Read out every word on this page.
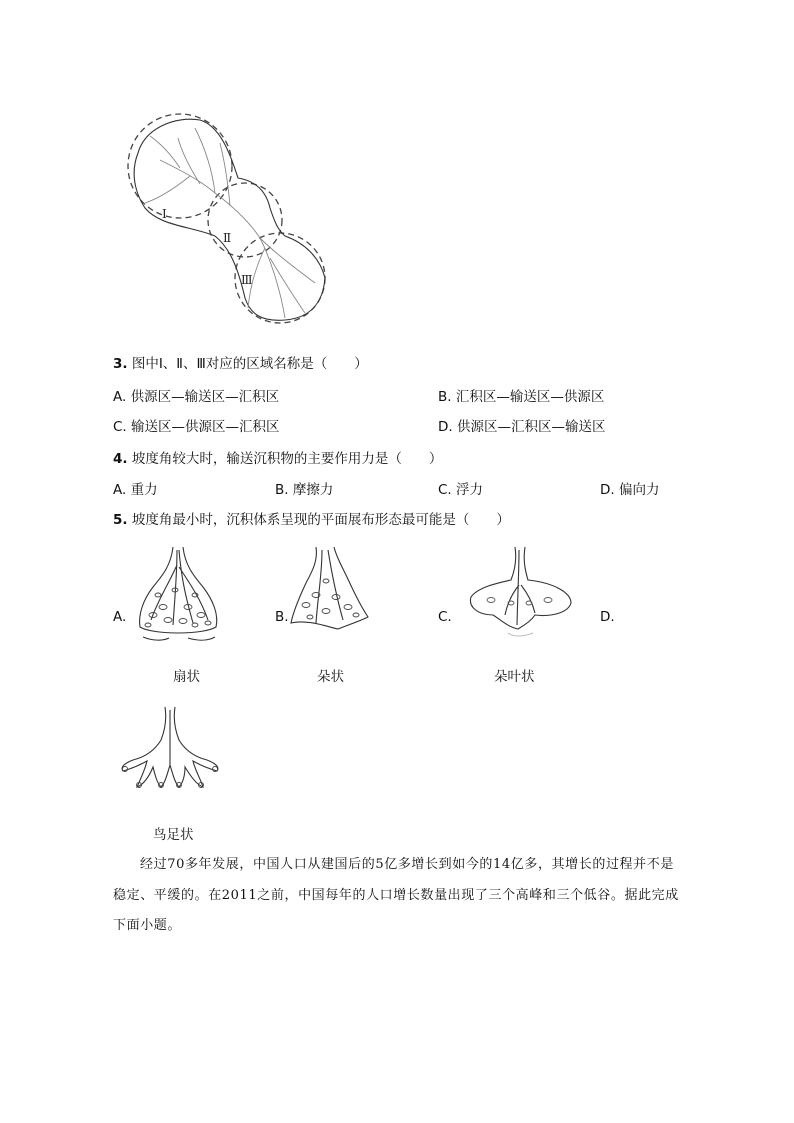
Ⅰ
Ⅱ
Ⅲ
3. 图中Ⅰ、Ⅱ、Ⅲ对应的区域名称是（　　）
A. 供源区—输送区—汇积区	B. 汇积区—输送区—供源区
C. 输送区—供源区—汇积区	D. 供源区—汇积区—输送区
4. 坡度角较大时，输送沉积物的主要作用力是（　　）
A. 重力	B. 摩擦力	C. 浮力	D. 偏向力
5. 坡度角最小时，沉积体系呈现的平面展布形态最可能是（　　）
A.	B.	C.	D.
扇状	朵状	朵叶状
鸟足状
经过70多年发展，中国人口从建国后的5亿多增长到如今的14亿多，其增长的过程并不是
稳定、平缓的。在2011之前，中国每年的人口增长数量出现了三个高峰和三个低谷。据此完成
下面小题。
